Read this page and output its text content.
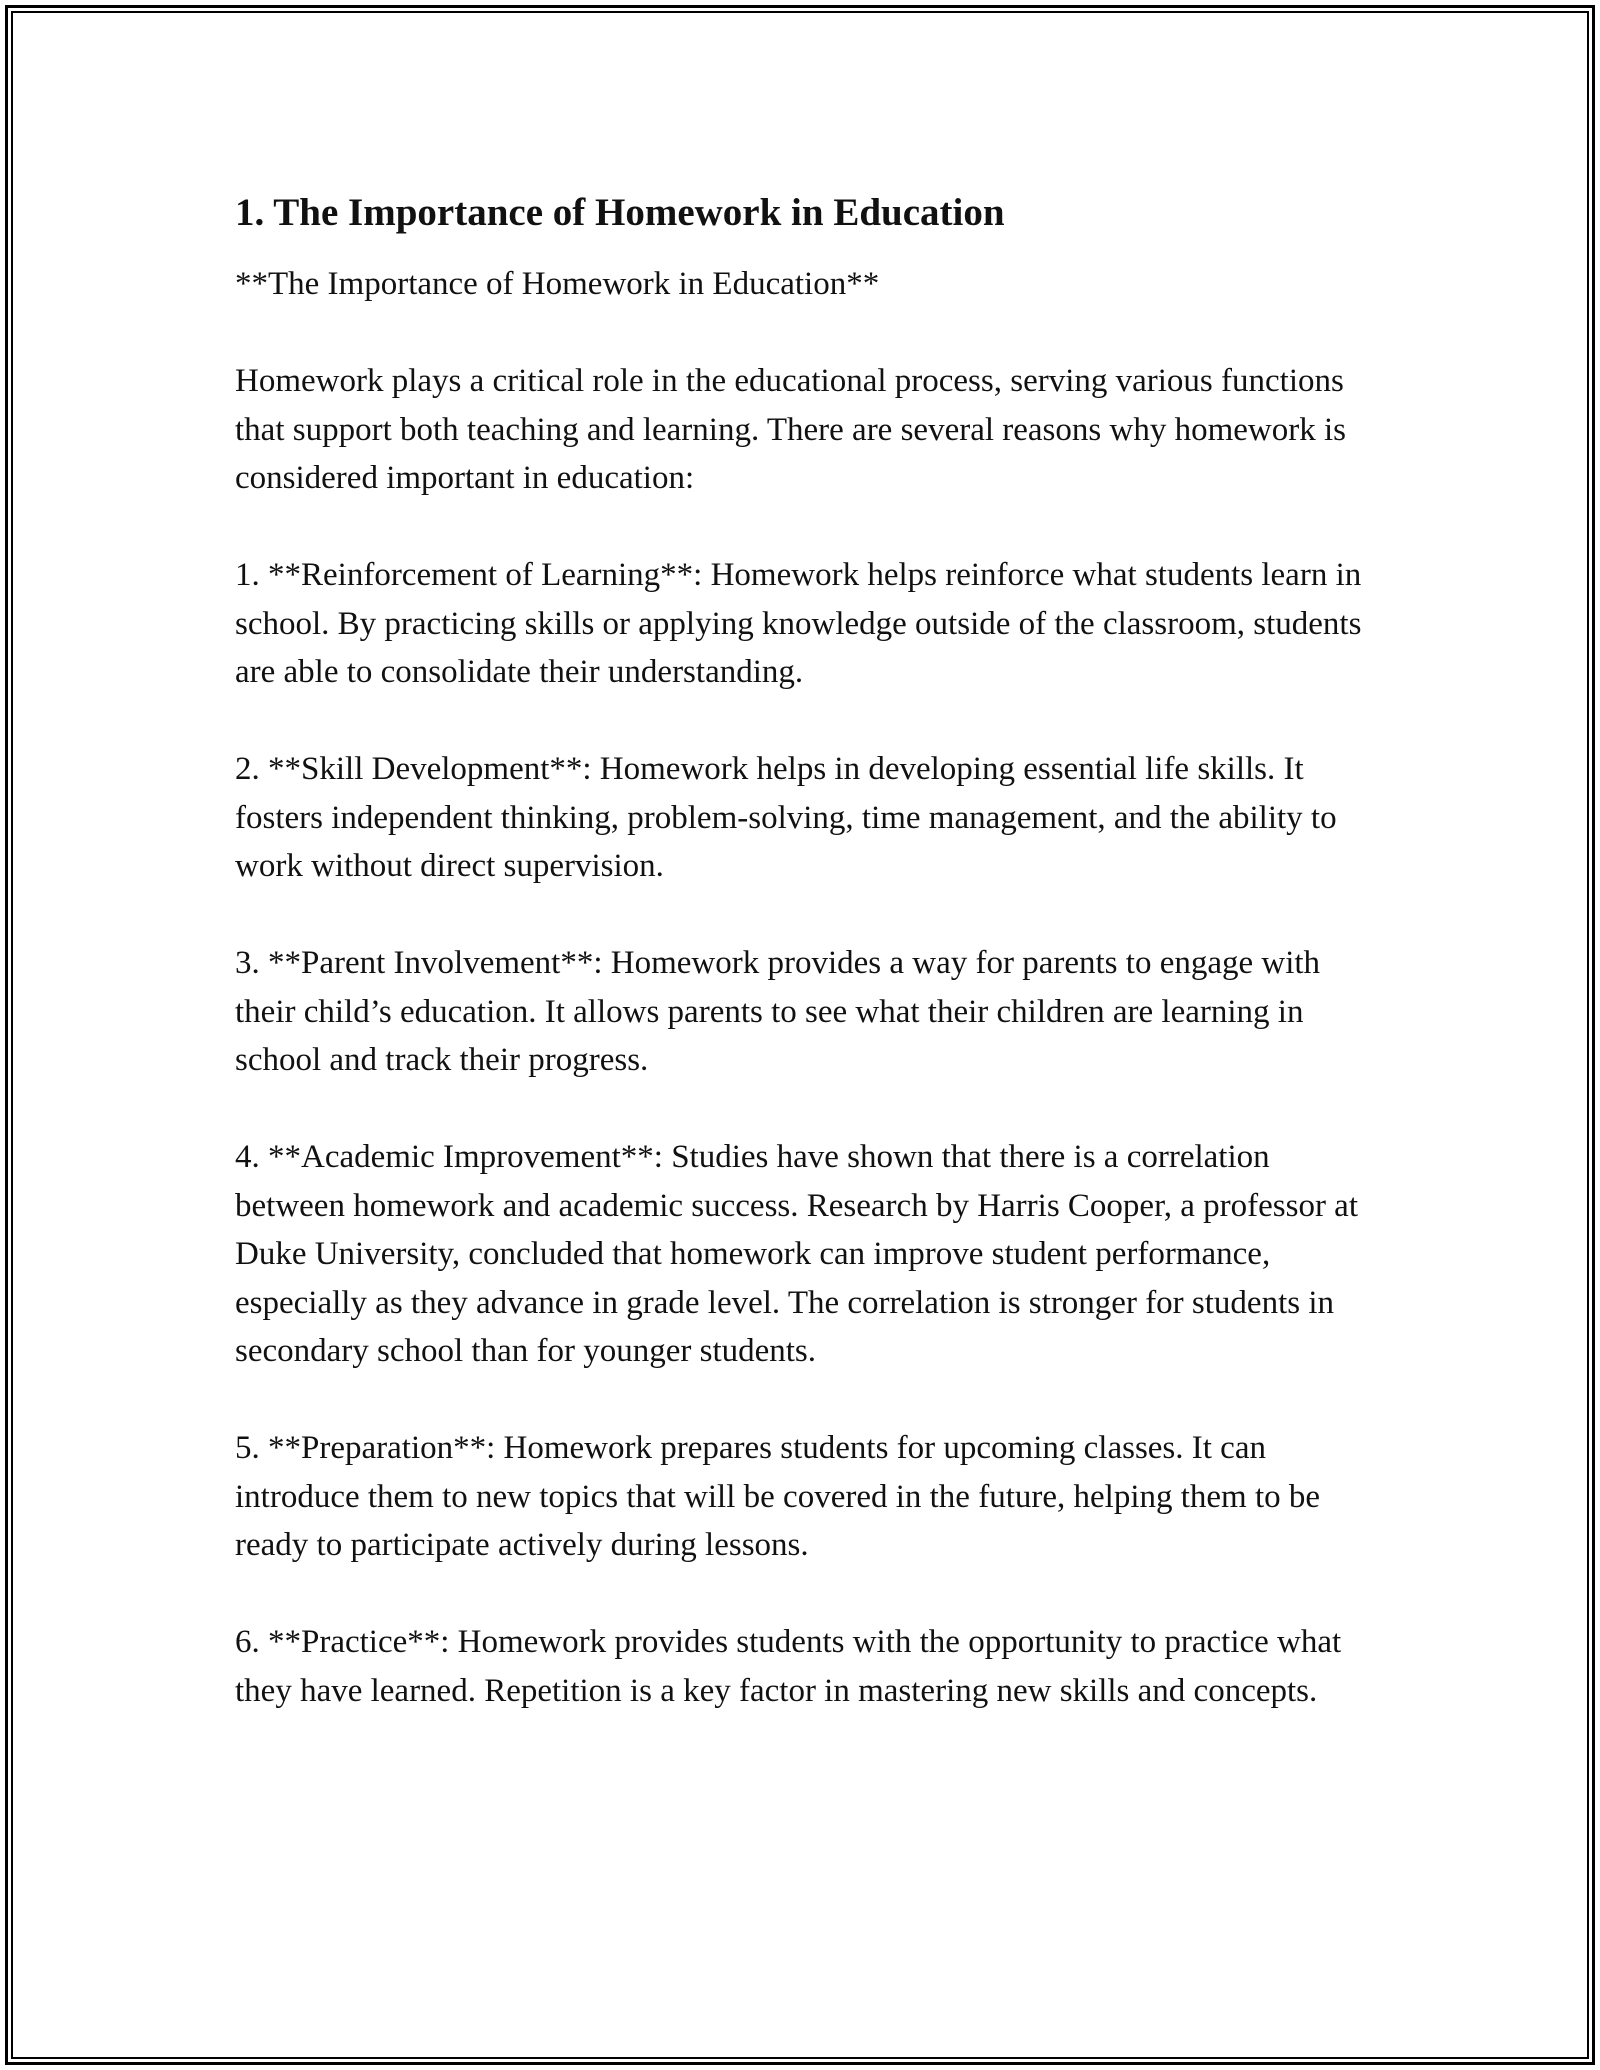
1. The Importance of Homework in Education

**The Importance of Homework in Education**

Homework plays a critical role in the educational process, serving various functions that support both teaching and learning. There are several reasons why homework is considered important in education:

1. **Reinforcement of Learning**: Homework helps reinforce what students learn in school. By practicing skills or applying knowledge outside of the classroom, students are able to consolidate their understanding.

2. **Skill Development**: Homework helps in developing essential life skills. It fosters independent thinking, problem-solving, time management, and the ability to work without direct supervision.

3. **Parent Involvement**: Homework provides a way for parents to engage with their child’s education. It allows parents to see what their children are learning in school and track their progress.

4. **Academic Improvement**: Studies have shown that there is a correlation between homework and academic success. Research by Harris Cooper, a professor at Duke University, concluded that homework can improve student performance, especially as they advance in grade level. The correlation is stronger for students in secondary school than for younger students.

5. **Preparation**: Homework prepares students for upcoming classes. It can introduce them to new topics that will be covered in the future, helping them to be ready to participate actively during lessons.

6. **Practice**: Homework provides students with the opportunity to practice what they have learned. Repetition is a key factor in mastering new skills and concepts.
